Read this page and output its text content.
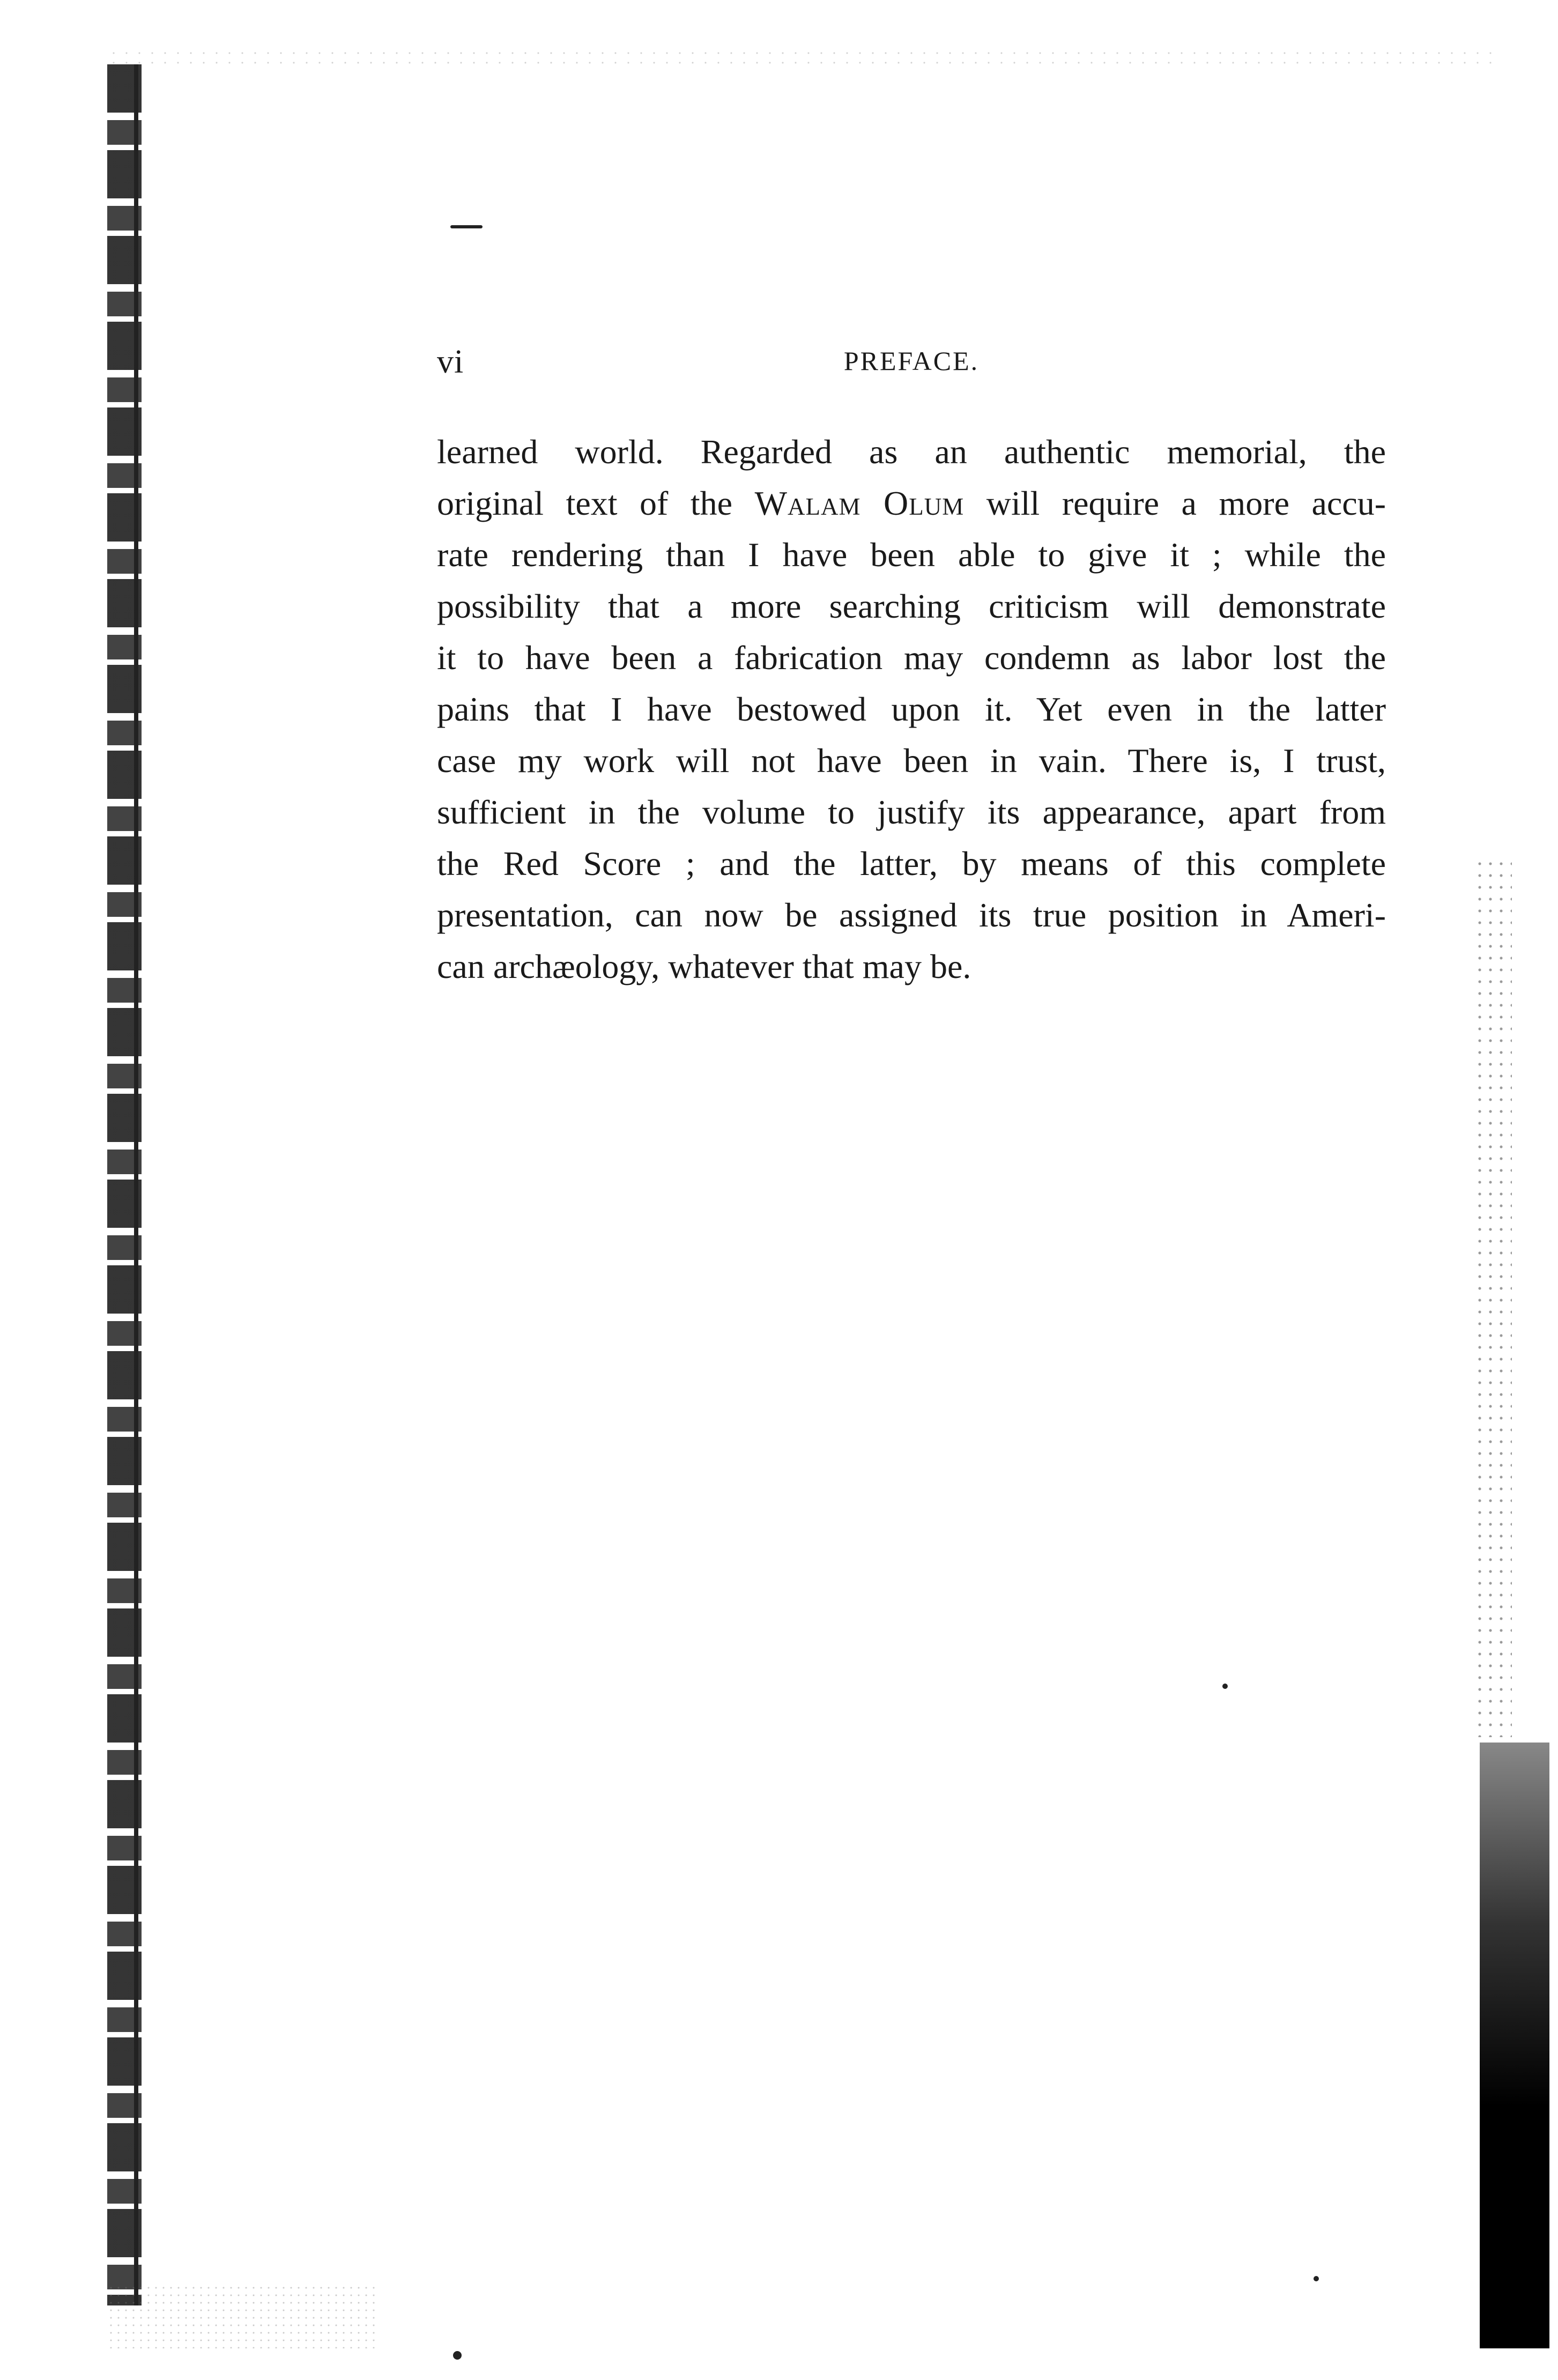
vi	PREFACE.
learned world. Regarded as an authentic memorial, the
original text of the Walam Olum will require a more accu-
rate rendering than I have been able to give it ; while the
possibility that a more searching criticism will demonstrate
it to have been a fabrication may condemn as labor lost the
pains that I have bestowed upon it. Yet even in the latter
case my work will not have been in vain. There is, I trust,
sufficient in the volume to justify its appearance, apart from
the Red Score ; and the latter, by means of this complete
presentation, can now be assigned its true position in Ameri-
can archæology, whatever that may be.
